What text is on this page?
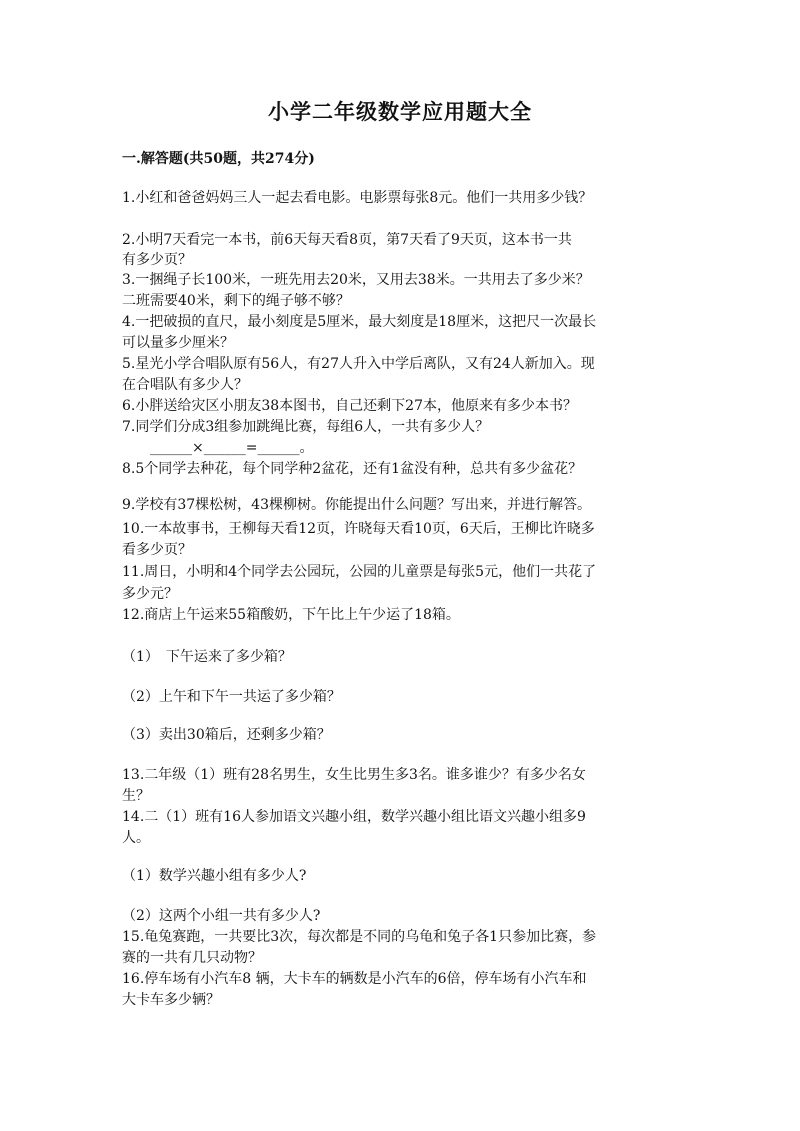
小学二年级数学应用题大全
一.解答题(共50题，共274分)
1.小红和爸爸妈妈三人一起去看电影。电影票每张8元。他们一共用多少钱？
2.小明7天看完一本书，前6天每天看8页，第7天看了9天页，这本书一共
有多少页？
3.一捆绳子长100米，一班先用去20米，又用去38米。一共用去了多少米？
二班需要40米，剩下的绳子够不够？
4.一把破损的直尺，最小刻度是5厘米，最大刻度是18厘米，这把尺一次最长
可以量多少厘米？
5.星光小学合唱队原有56人，有27人升入中学后离队，又有24人新加入。现
在合唱队有多少人？
6.小胖送给灾区小朋友38本图书，自己还剩下27本，他原来有多少本书？
7.同学们分成3组参加跳绳比赛，每组6人，一共有多少人？
　　______×______=______。
8.5个同学去种花，每个同学种2盆花，还有1盆没有种，总共有多少盆花？
9.学校有37棵松树，43棵柳树。你能提出什么问题？写出来，并进行解答。
10.一本故事书，王柳每天看12页，许晓每天看10页，6天后，王柳比许晓多
看多少页？
11.周日，小明和4个同学去公园玩，公园的儿童票是每张5元，他们一共花了
多少元？
12.商店上午运来55箱酸奶，下午比上午少运了18箱。
（1）　下午运来了多少箱？
（2）上午和下午一共运了多少箱？
（3）卖出30箱后，还剩多少箱？
13.二年级（1）班有28名男生，女生比男生多3名。谁多谁少？有多少名女
生？
14.二（1）班有16人参加语文兴趣小组，数学兴趣小组比语文兴趣小组多9
人。
（1）数学兴趣小组有多少人?
（2）这两个小组一共有多少人?
15.龟兔赛跑，一共要比3次，每次都是不同的乌龟和兔子各1只参加比赛，参
赛的一共有几只动物？
16.停车场有小汽车8 辆，大卡车的辆数是小汽车的6倍，停车场有小汽车和
大卡车多少辆？
